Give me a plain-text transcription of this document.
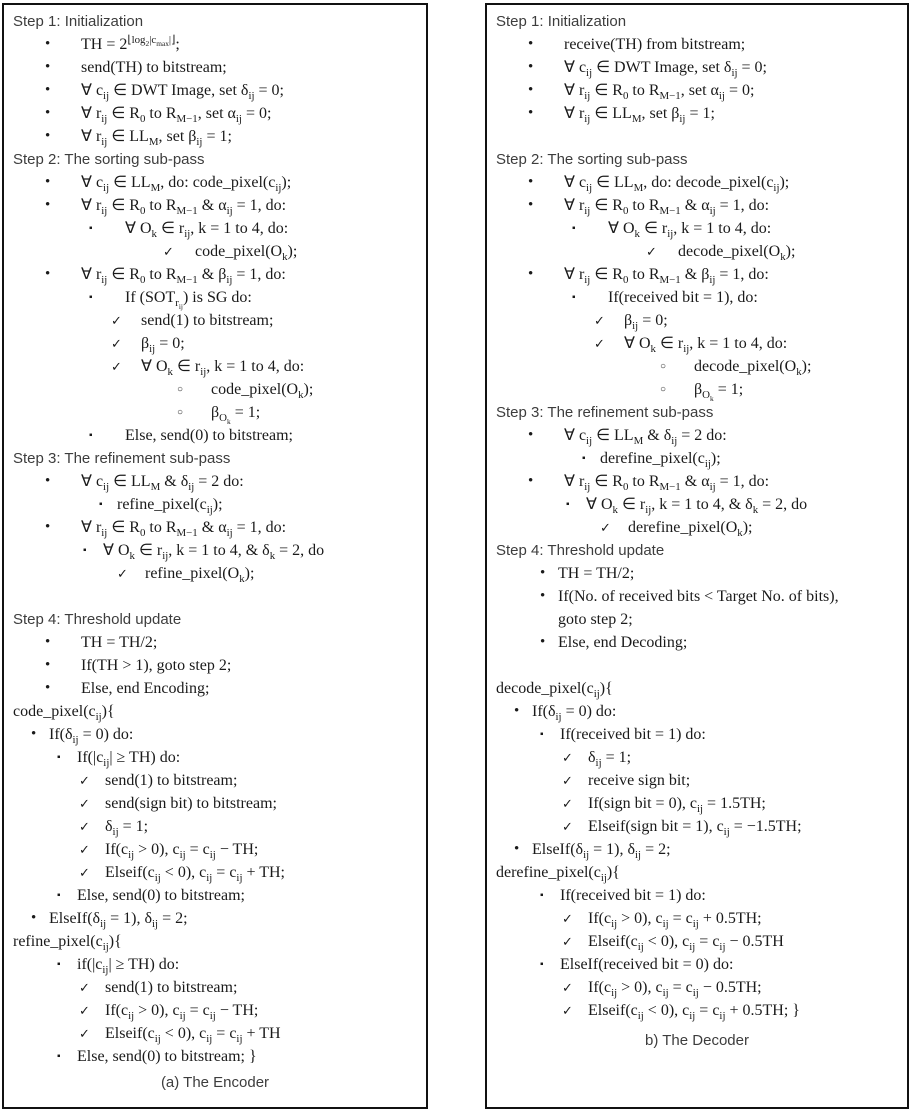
Step 1: Initialization
• TH = $2^{⌊log_2|c_{max}|⌋}$;
• send(TH) to bitstream;
• ∀ $c_{ij}$ ∈ DWT Image, set $\delta_{ij} = 0$;
• ∀ $r_{ij}$ ∈ $R_0$ to $R_{M-1}$, set $\alpha_{ij} = 0$;
• ∀ $r_{ij}$ ∈ $LL_M$, set $\beta_{ij} = 1$;
Step 2: The sorting sub-pass
• ∀ $c_{ij}$ ∈ $LL_M$, do: $code\_pixel(c_{ij})$;
• ∀ $r_{ij}$ ∈ $R_0$ to $R_{M-1}$ & $\alpha_{ij} = 1$, do:
▪ ∀ $O_k$ ∈ $r_{ij}$, k = 1 to 4, do:
✓ $code\_pixel(O_k)$;
• ∀ $r_{ij}$ ∈ $R_0$ to $R_{M-1}$ & $\beta_{ij} = 1$, do:
▪ If $(SOT_{r_{ij}})$ is SG do:
✓ send(1) to bitstream;
✓ $\beta_{ij} = 0$;
✓ ∀ $O_k$ ∈ $r_{ij}$, k = 1 to 4, do:
○ $code\_pixel(O_k)$;
○ $\beta_{O_k} = 1$;
▪ Else, send(0) to bitstream;
Step 3: The refinement sub-pass
• ∀ $c_{ij}$ ∈ $LL_M$ & $\delta_{ij} = 2$ do:
▪ $refine\_pixel(c_{ij})$;
• ∀ $r_{ij}$ ∈ $R_0$ to $R_{M-1}$ & $\alpha_{ij} = 1$, do:
▪ ∀ $O_k$ ∈ $r_{ij}$, k = 1 to 4, & $\delta_k = 2$, do
✓ $refine\_pixel(O_k)$;
Step 4: Threshold update
• TH = TH/2;
• If(TH > 1), goto step 2;
• Else, end Encoding;
$code\_pixel(c_{ij})${
• $If(\delta_{ij} = 0)$ do:
▪ $If(|c_{ij}| \ge TH)$ do:
✓ send(1) to bitstream;
✓ send(sign bit) to bitstream;
✓ $\delta_{ij} = 1$;
✓ $If(c_{ij} > 0)$, $c_{ij} = c_{ij}$ − TH;
✓ $Elseif(c_{ij} < 0)$, $c_{ij} = c_{ij}$ + TH;
▪ Else, send(0) to bitstream;
• $ElseIf(\delta_{ij} = 1)$, $\delta_{ij} = 2$;
$refine\_pixel(c_{ij})${
▪ $if(|c_{ij}| \ge TH)$ do:
✓ send(1) to bitstream;
✓ $If(c_{ij} > 0)$, $c_{ij} = c_{ij}$ − TH;
✓ $Elseif(c_{ij} < 0)$, $c_{ij} = c_{ij}$ + TH
▪ Else, send(0) to bitstream; }
(a) The Encoder
Step 1: Initialization
• receive(TH) from bitstream;
• ∀ $c_{ij}$ ∈ DWT Image, set $\delta_{ij} = 0$;
• ∀ $r_{ij}$ ∈ $R_0$ to $R_{M-1}$, set $\alpha_{ij} = 0$;
• ∀ $r_{ij}$ ∈ $LL_M$, set $\beta_{ij} = 1$;
Step 2: The sorting sub-pass
• ∀ $c_{ij}$ ∈ $LL_M$, do: $decode\_pixel(c_{ij})$;
• ∀ $r_{ij}$ ∈ $R_0$ to $R_{M-1}$ & $\alpha_{ij} = 1$, do:
▪ ∀ $O_k$ ∈ $r_{ij}$, k = 1 to 4, do:
✓ $decode\_pixel(O_k)$;
• ∀ $r_{ij}$ ∈ $R_0$ to $R_{M-1}$ & $\beta_{ij} = 1$, do:
▪ If(received bit = 1), do:
✓ $\beta_{ij} = 0$;
✓ ∀ $O_k$ ∈ $r_{ij}$, k = 1 to 4, do:
○ $decode\_pixel(O_k)$;
○ $\beta_{O_k} = 1$;
Step 3: The refinement sub-pass
• ∀ $c_{ij}$ ∈ $LL_M$ & $\delta_{ij} = 2$ do:
▪ $derefine\_pixel(c_{ij})$;
• ∀ $r_{ij}$ ∈ $R_0$ to $R_{M-1}$ & $\alpha_{ij} = 1$, do:
▪ ∀ $O_k$ ∈ $r_{ij}$, k = 1 to 4, & $\delta_k = 2$, do
✓ $derefine\_pixel(O_k)$;
Step 4: Threshold update
• TH = TH/2;
• If(No. of received bits < Target No. of bits),
goto step 2;
• Else, end Decoding;
$decode\_pixel(c_{ij})${
• $If(\delta_{ij} = 0)$ do:
▪ If(received bit = 1) do:
✓ $\delta_{ij} = 1$;
✓ receive sign bit;
✓ If(sign bit = 0), $c_{ij} = 1.5TH$;
✓ Elseif(sign bit = 1), $c_{ij} = -1.5TH$;
• $ElseIf(\delta_{ij} = 1)$, $\delta_{ij} = 2$;
$derefine\_pixel(c_{ij})${
▪ If(received bit = 1) do:
✓ $If(c_{ij} > 0)$, $c_{ij} = c_{ij} + 0.5TH$;
✓ $Elseif(c_{ij} < 0)$, $c_{ij} = c_{ij} - 0.5TH$
▪ ElseIf(received bit = 0) do:
✓ $If(c_{ij} > 0)$, $c_{ij} = c_{ij} - 0.5TH$;
✓ $Elseif(c_{ij} < 0)$, $c_{ij} = c_{ij} + 0.5TH$; }
b) The Decoder
